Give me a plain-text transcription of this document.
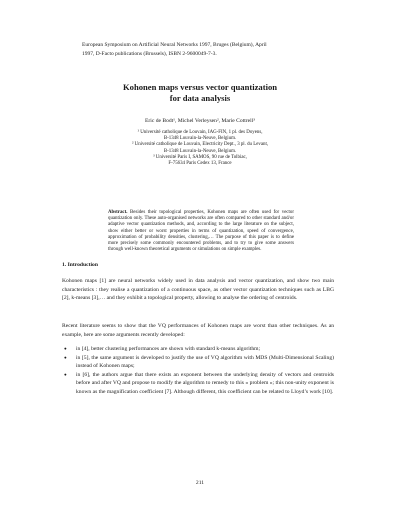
European Symposium on Artificial Neural Networks 1997, Bruges (Belgium), April
1997, D-Facto publications (Brussels), ISBN 2-9600049-7-3.
Kohonen maps versus vector quantization
for data analysis
Eric de Bodt¹, Michel Verleysen², Marie Cottrell³

¹ Université catholique de Louvain, IAG-FIN, 1 pl. des Doyens,

B-1348 Louvain-la-Neuve, Belgium.

² Université catholique de Louvain, Electricity Dept., 3 pl. du Levant,

B-1348 Louvain-la-Neuve, Belgium.

³ Université Paris I, SAMOS, 90 rue de Tolbiac,

F-75634 Paris Cedex 13, France

Abstract. Besides their topological properties, Kohonen maps are often used for vector quantization only. These auto-organised networks are often compared to other standard and/or adaptive vector quantization methods, and, according to the large literature on the subject, show either better or worst properties in terms of quantization, speed of convergence, approximation of probability densities, clustering,… The purpose of this paper is to define more precisely some commonly encountered problems, and to try to give some answers through well-known theoretical arguments or simulations on simple examples.
1. Introduction
Kohonen maps [1] are neural networks widely used in data analysis and vector quantization, and show two main characteristics : they realise a quantization of a continuous space, as other vector quantization techniques such as LBG [2], k-means [3],… and they exhibit a topological property, allowing to analyse the ordering of centroids.
Recent literature seems to show that the VQ performances of Kohonen maps are worst than other techniques. As an example, here are some arguments recently developed:
● in [4], better clustering performances are shown with standard k-means algorithm;
● in [5], the same argument is developed to justify the use of VQ algorithm with MDS (Multi-Dimensional Scaling) instead of Kohonen maps;
● in [6], the authors argue that there exists an exponent between the underlying density of vectors and centroids before and after VQ and propose to modify the algorithm to remedy to this « problem »; this non-unity exponent is known as the magnification coefficient [7]. Although different, this coefficient can be related to Lloyd’s work [10].
211
